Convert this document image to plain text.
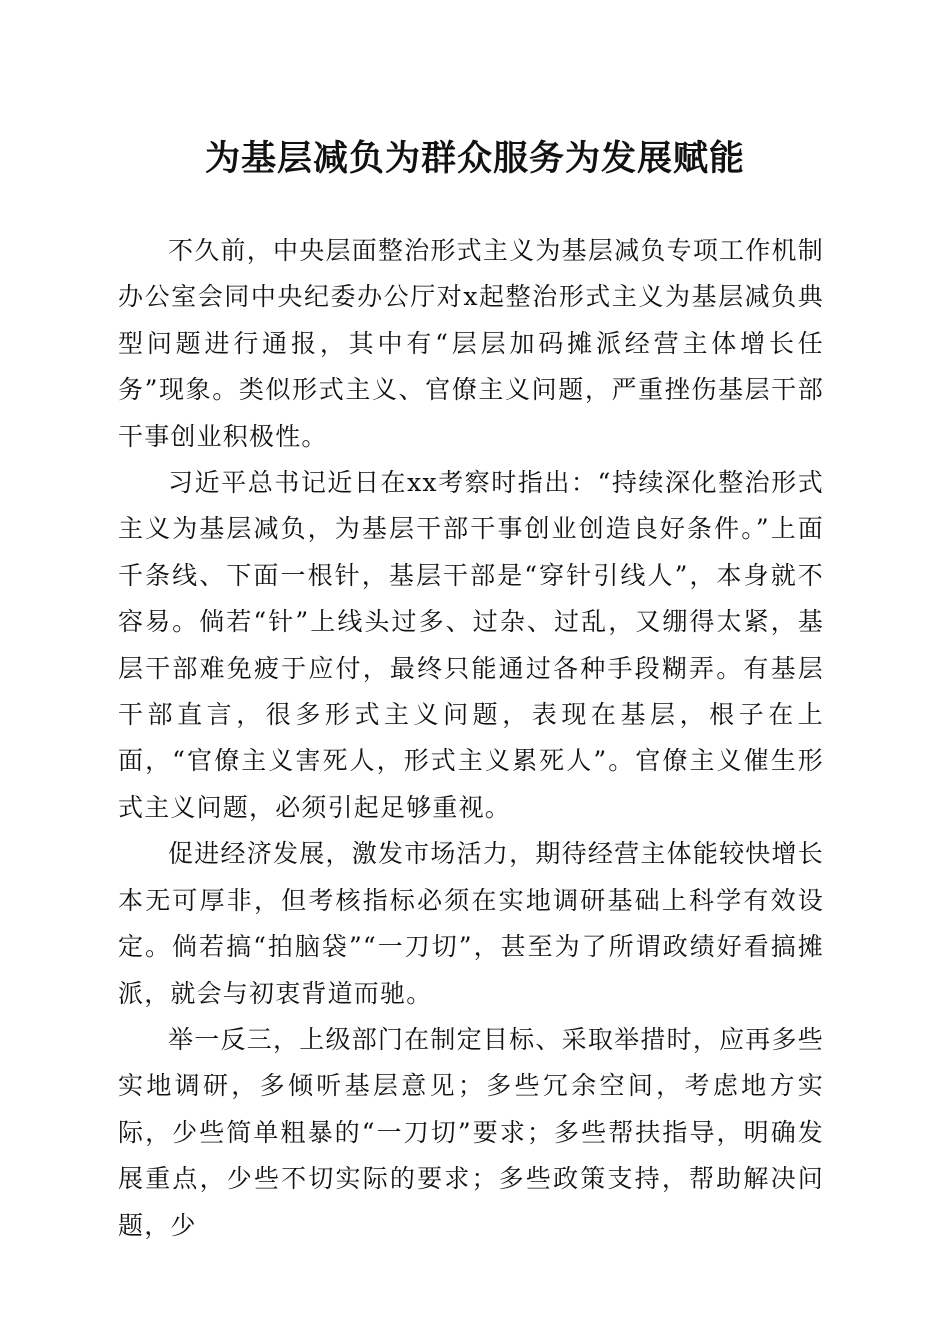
为基层减负为群众服务为发展赋能

不久前，中央层面整治形式主义为基层减负专项工作机制办公室会同中央纪委办公厅对x起整治形式主义为基层减负典型问题进行通报，其中有“层层加码摊派经营主体增长任务”现象。类似形式主义、官僚主义问题，严重挫伤基层干部干事创业积极性。

习近平总书记近日在xx考察时指出：“持续深化整治形式主义为基层减负，为基层干部干事创业创造良好条件。”上面千条线、下面一根针，基层干部是“穿针引线人”，本身就不容易。倘若“针”上线头过多、过杂、过乱，又绷得太紧，基层干部难免疲于应付，最终只能通过各种手段糊弄。有基层干部直言，很多形式主义问题，表现在基层，根子在上面，“官僚主义害死人，形式主义累死人”。官僚主义催生形式主义问题，必须引起足够重视。

促进经济发展，激发市场活力，期待经营主体能较快增长本无可厚非，但考核指标必须在实地调研基础上科学有效设定。倘若搞“拍脑袋”“一刀切”，甚至为了所谓政绩好看搞摊派，就会与初衷背道而驰。

举一反三，上级部门在制定目标、采取举措时，应再多些实地调研，多倾听基层意见；多些冗余空间，考虑地方实际，少些简单粗暴的“一刀切”要求；多些帮扶指导，明确发展重点，少些不切实际的要求；多些政策支持，帮助解决问题，少
